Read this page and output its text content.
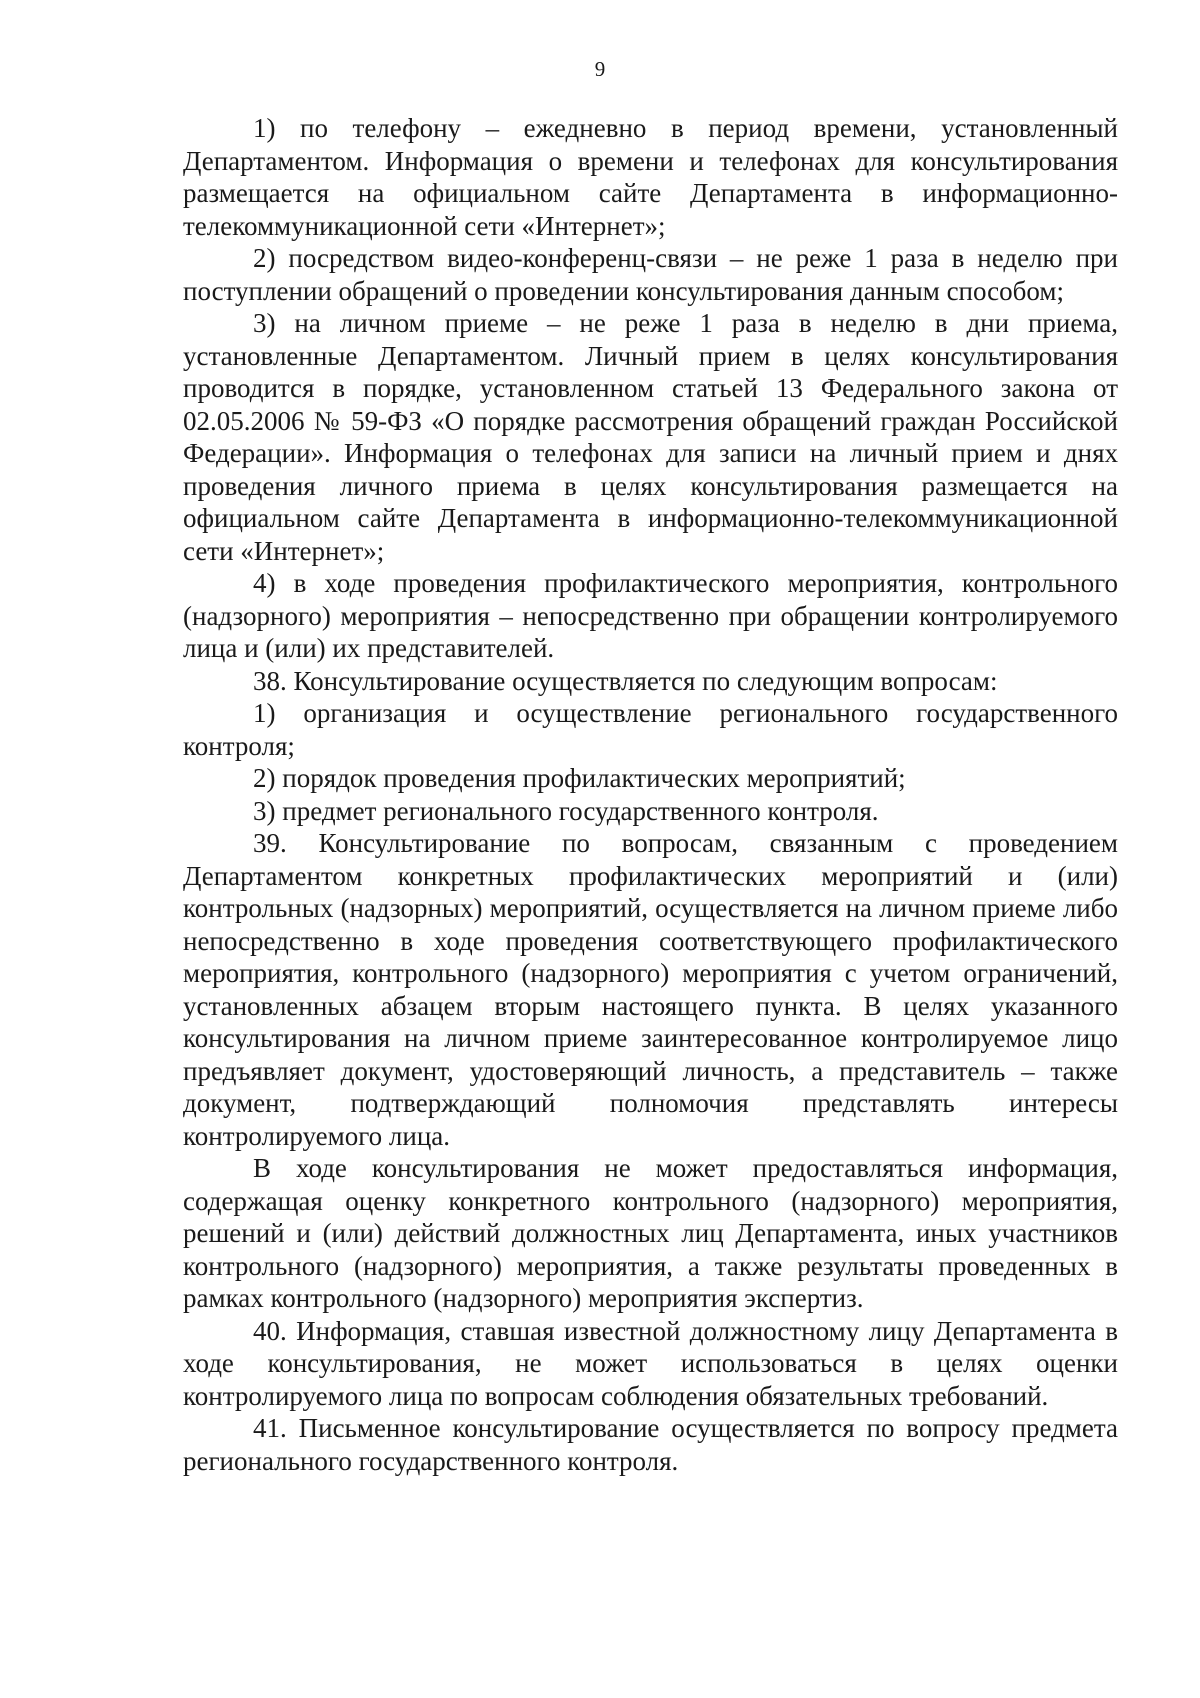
9

1) по телефону – ежедневно в период времени, установленный Департаментом. Информация о времени и телефонах для консультирования размещается на официальном сайте Департамента в информационно-телекоммуникационной сети «Интернет»;

2) посредством видео-конференц-связи – не реже 1 раза в неделю при поступлении обращений о проведении консультирования данным способом;

3) на личном приеме – не реже 1 раза в неделю в дни приема, установленные Департаментом. Личный прием в целях консультирования проводится в порядке, установленном статьей 13 Федерального закона от 02.05.2006 № 59-ФЗ «О порядке рассмотрения обращений граждан Российской Федерации». Информация о телефонах для записи на личный прием и днях проведения личного приема в целях консультирования размещается на официальном сайте Департамента в информационно-телекоммуникационной сети «Интернет»;

4) в ходе проведения профилактического мероприятия, контрольного (надзорного) мероприятия – непосредственно при обращении контролируемого лица и (или) их представителей.

38. Консультирование осуществляется по следующим вопросам:

1) организация и осуществление регионального государственного контроля;

2) порядок проведения профилактических мероприятий;

3) предмет регионального государственного контроля.

39. Консультирование по вопросам, связанным с проведением Департаментом конкретных профилактических мероприятий и (или) контрольных (надзорных) мероприятий, осуществляется на личном приеме либо непосредственно в ходе проведения соответствующего профилактического мероприятия, контрольного (надзорного) мероприятия с учетом ограничений, установленных абзацем вторым настоящего пункта. В целях указанного консультирования на личном приеме заинтересованное контролируемое лицо предъявляет документ, удостоверяющий личность, а представитель – также документ, подтверждающий полномочия представлять интересы контролируемого лица.

В ходе консультирования не может предоставляться информация, содержащая оценку конкретного контрольного (надзорного) мероприятия, решений и (или) действий должностных лиц Департамента, иных участников контрольного (надзорного) мероприятия, а также результаты проведенных в рамках контрольного (надзорного) мероприятия экспертиз.

40. Информация, ставшая известной должностному лицу Департамента в ходе консультирования, не может использоваться в целях оценки контролируемого лица по вопросам соблюдения обязательных требований.

41. Письменное консультирование осуществляется по вопросу предмета регионального государственного контроля.
